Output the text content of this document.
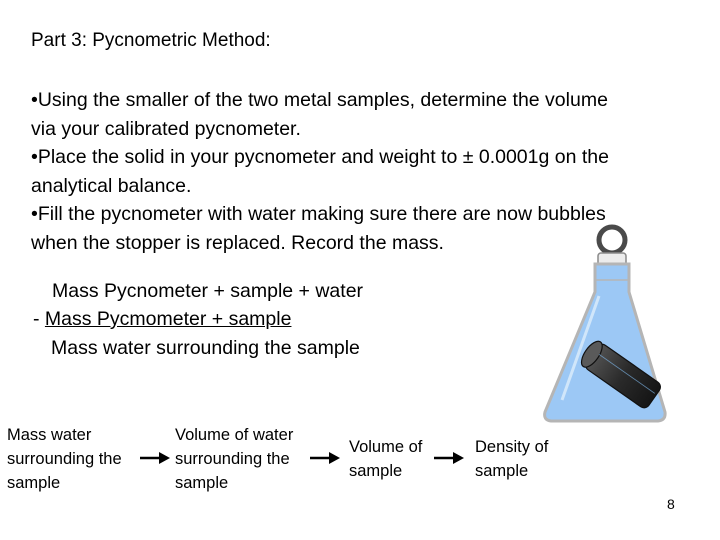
Part 3: Pycnometric Method:
•Using the smaller of the two metal samples, determine the volume
via your calibrated pycnometer.
•Place the solid in your pycnometer and weight to ± 0.0001g on the
analytical balance.
•Fill the pycnometer with water making sure there are now bubbles
when the stopper is replaced. Record the mass.
Mass Pycnometer + sample + water
- Mass Pycmometer + sample
Mass water surrounding the sample
Mass water
surrounding the
sample
Volume of water
surrounding the
sample
Volume of
sample
Density of
sample
8
